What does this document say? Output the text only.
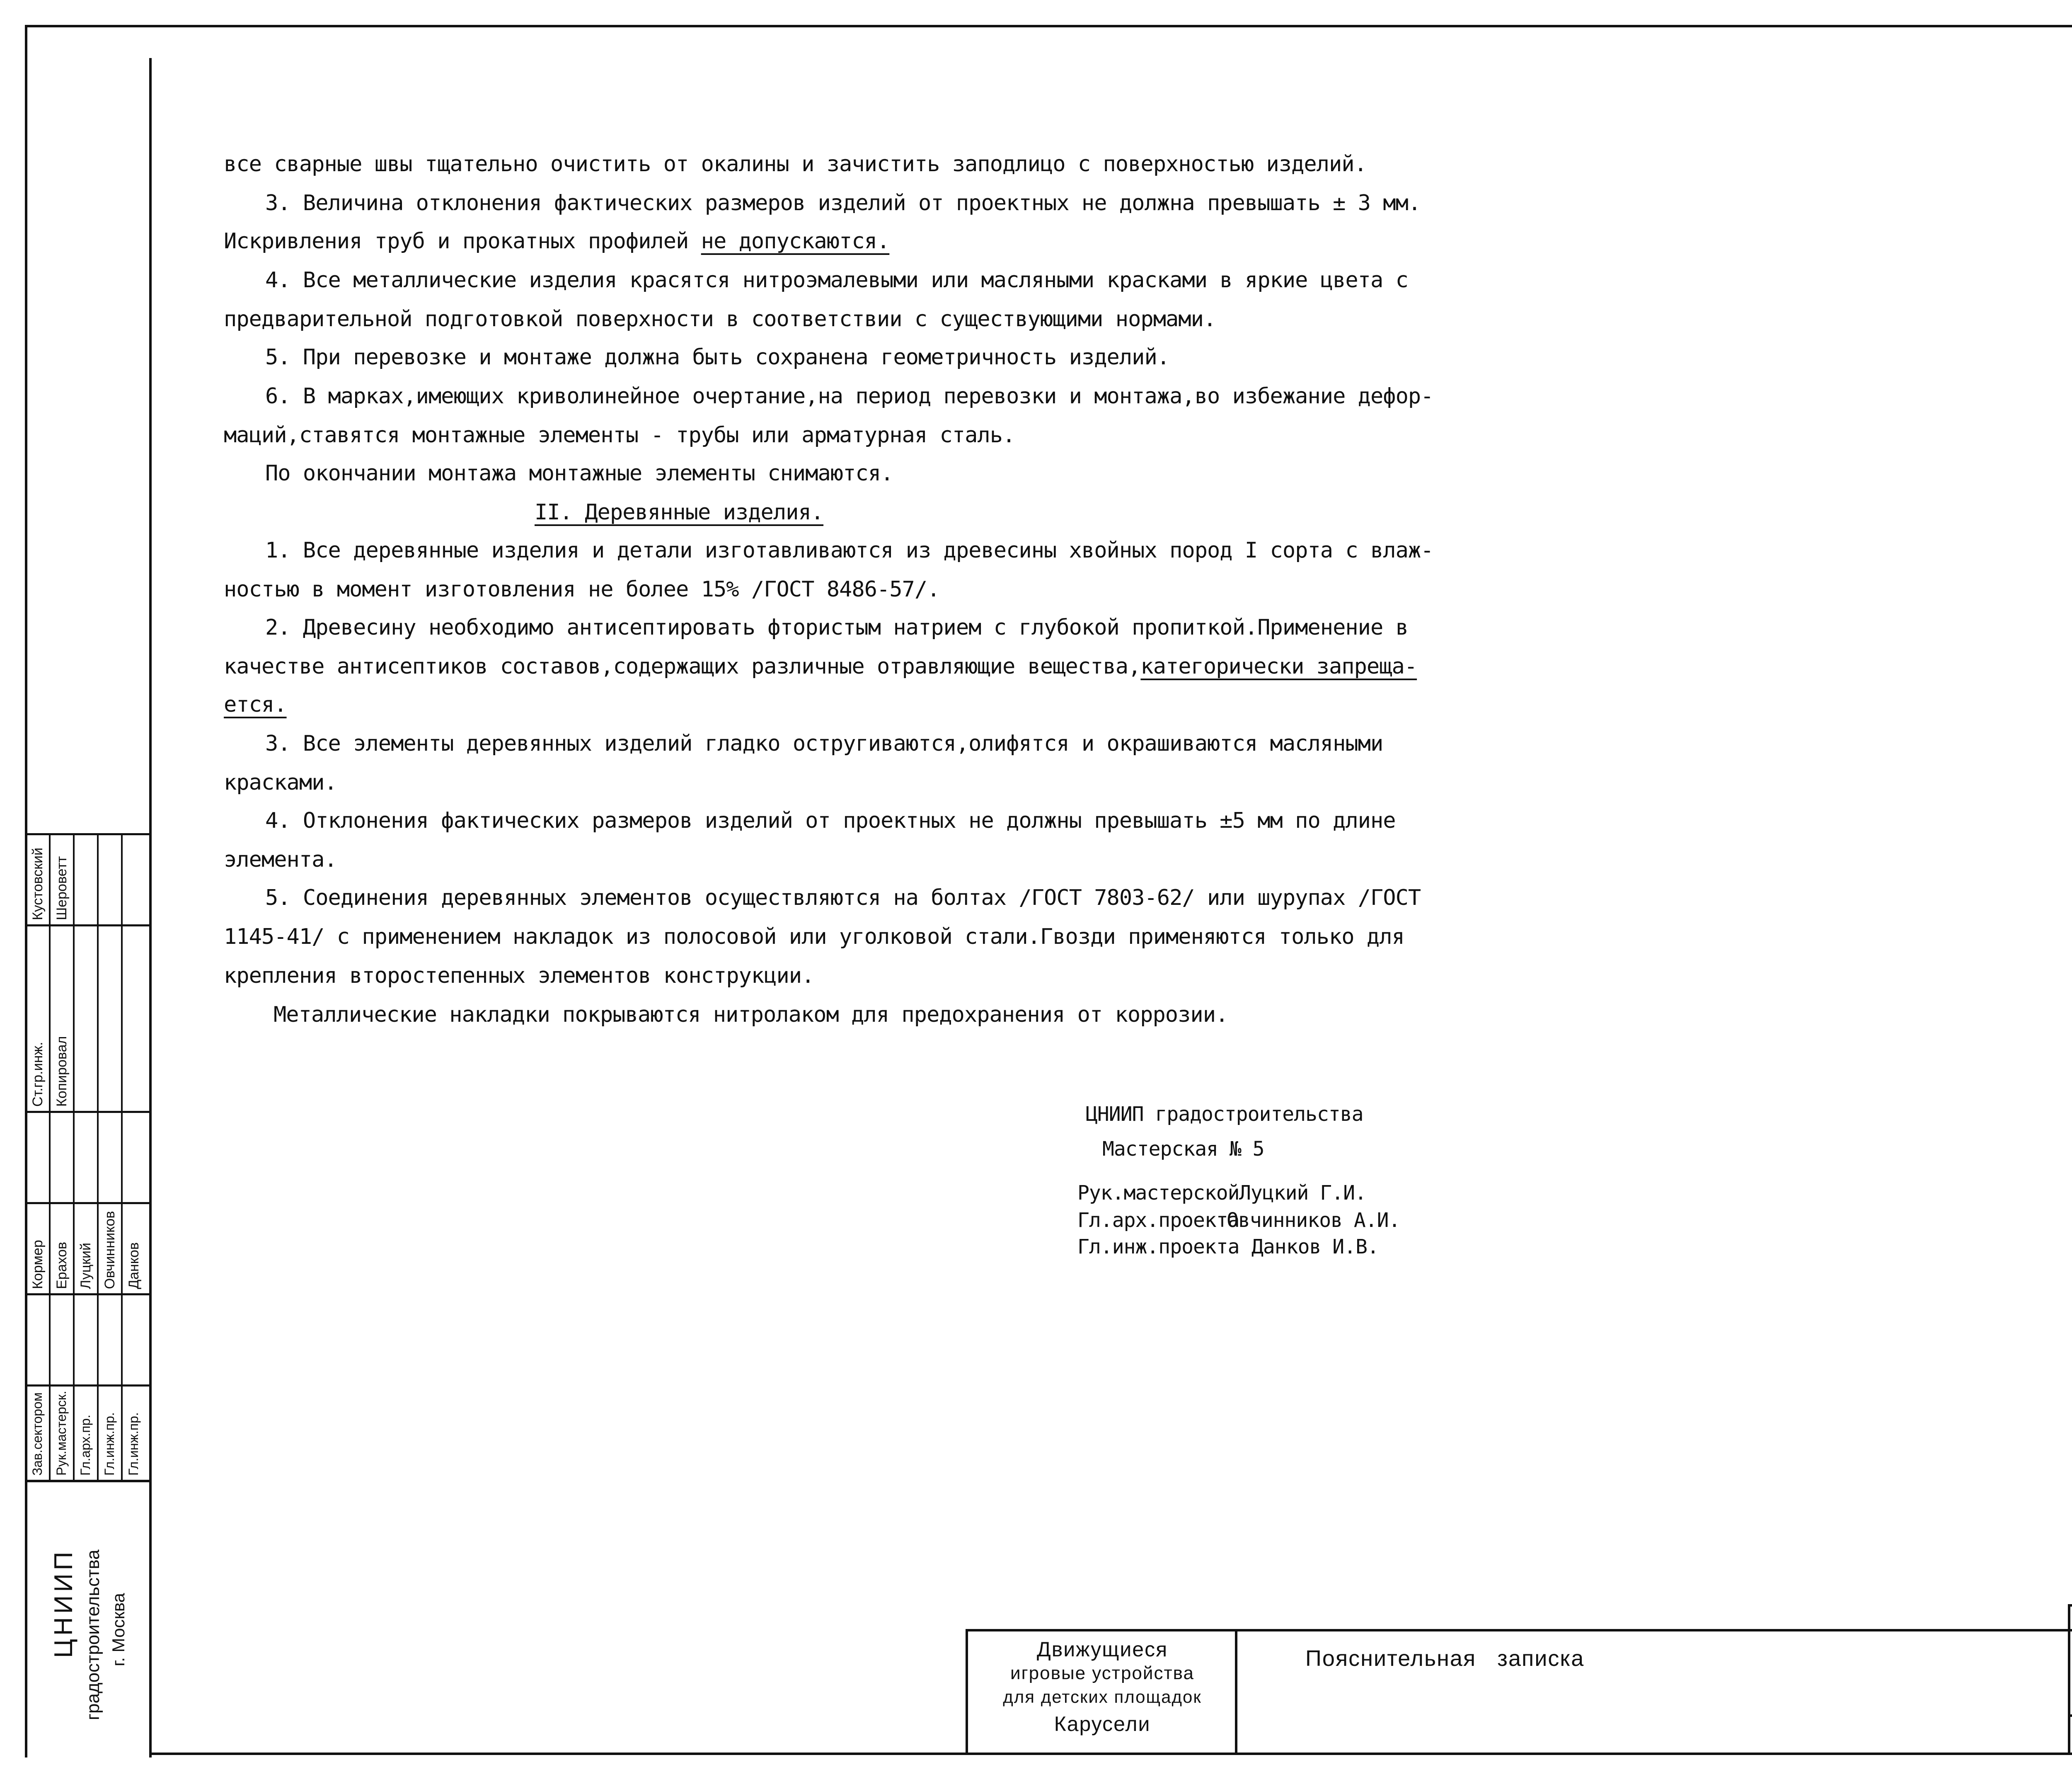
все сварные швы тщательно очистить от окалины и зачистить заподлицо с поверхностью изделий.
3. Величина отклонения фактических размеров изделий от проектных не должна превышать ± 3 мм.
Искривления труб и прокатных профилей не допускаются.
4. Все металлические изделия красятся нитроэмалевыми или масляными красками в яркие цвета с
предварительной подготовкой поверхности в соответствии с существующими нормами.
5. При перевозке и монтаже должна быть сохранена геометричность изделий.
6. В марках,имеющих криволинейное очертание,на период перевозки и монтажа,во избежание дефор-
маций,ставятся монтажные элементы - трубы или арматурная сталь.
По окончании монтажа монтажные элементы снимаются.
II. Деревянные изделия.
1. Все деревянные изделия и детали изготавливаются из древесины хвойных пород I сорта с влаж-
ностью в момент изготовления не более 15% /ГОСТ 8486-57/.
2. Древесину необходимо антисептировать фтористым натрием с глубокой пропиткой.Применение в
качестве антисептиков составов,содержащих различные отравляющие вещества,категорически запреща-
ется.
3. Все элементы деревянных изделий гладко остругиваются,олифятся и окрашиваются масляными
красками.
4. Отклонения фактических размеров изделий от проектных не должны превышать ±5 мм по длине
элемента.
5. Соединения деревянных элементов осуществляются на болтах /ГОСТ 7803-62/ или шурупах /ГОСТ
1145-41/ с применением накладок из полосовой или уголковой стали.Гвозди применяются только для
крепления второстепенных элементов конструкции.
Металлические накладки покрываются нитролаком для предохранения от коррозии.
ЦНИИП градостроительства
Мастерская № 5
Рук.мастерской Луцкий Г.И.
Гл.арх.проекта
Овчинников А.И.
Гл.инж.проекта Данков И.В.
Ст.гр.инж. Копировал
Кустовский Шероветт
Зав.сектором Рук.мастерск. Гл.арх.пр. Гл.инж.пр. Гл.инж.пр.
Кормер Ерахов Луцкий Овчинников Данков
ЦНИИП градостроительства г. Москва	Движущиеся
игровые устройства
для детских площадок
Карусели
Пояснительная   записка
